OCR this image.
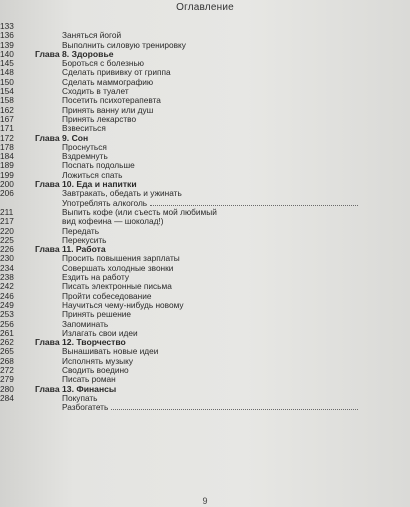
Оглавление
133
Заняться йогой
136
Выполнить силовую тренировку
139
Глава 8. Здоровье
140
Бороться с болезнью
145
Сделать прививку от гриппа
148
Сделать маммографию
150
Сходить в туалет
154
Посетить психотерапевта
158
Принять ванну или душ
162
Принять лекарство
167
Взвеситься
171
Глава 9. Сон
172
Проснуться
178
Вздремнуть
184
Поспать подольше
189
Ложиться спать
199
Глава 10. Еда и напитки
200
Завтракать, обедать и ужинать
206
Употреблять алкоголь
Выпить кофе (или съесть мой любимый
211
вид кофеина — шоколад!)
217
Передать
220
Перекусить
225
Глава 11. Работа
226
Просить повышения зарплаты
230
Совершать холодные звонки
234
Ездить на работу
238
Писать электронные письма
242
Пройти собеседование
246
Научиться чему-нибудь новому
249
Принять решение
253
Запоминать
256
Излагать свои идеи
261
Глава 12. Творчество
262
Вынашивать новые идеи
265
Исполнять музыку
268
Сводить воедино
272
Писать роман
279
Глава 13. Финансы
280
Покупать
284
Разбогатеть
9
